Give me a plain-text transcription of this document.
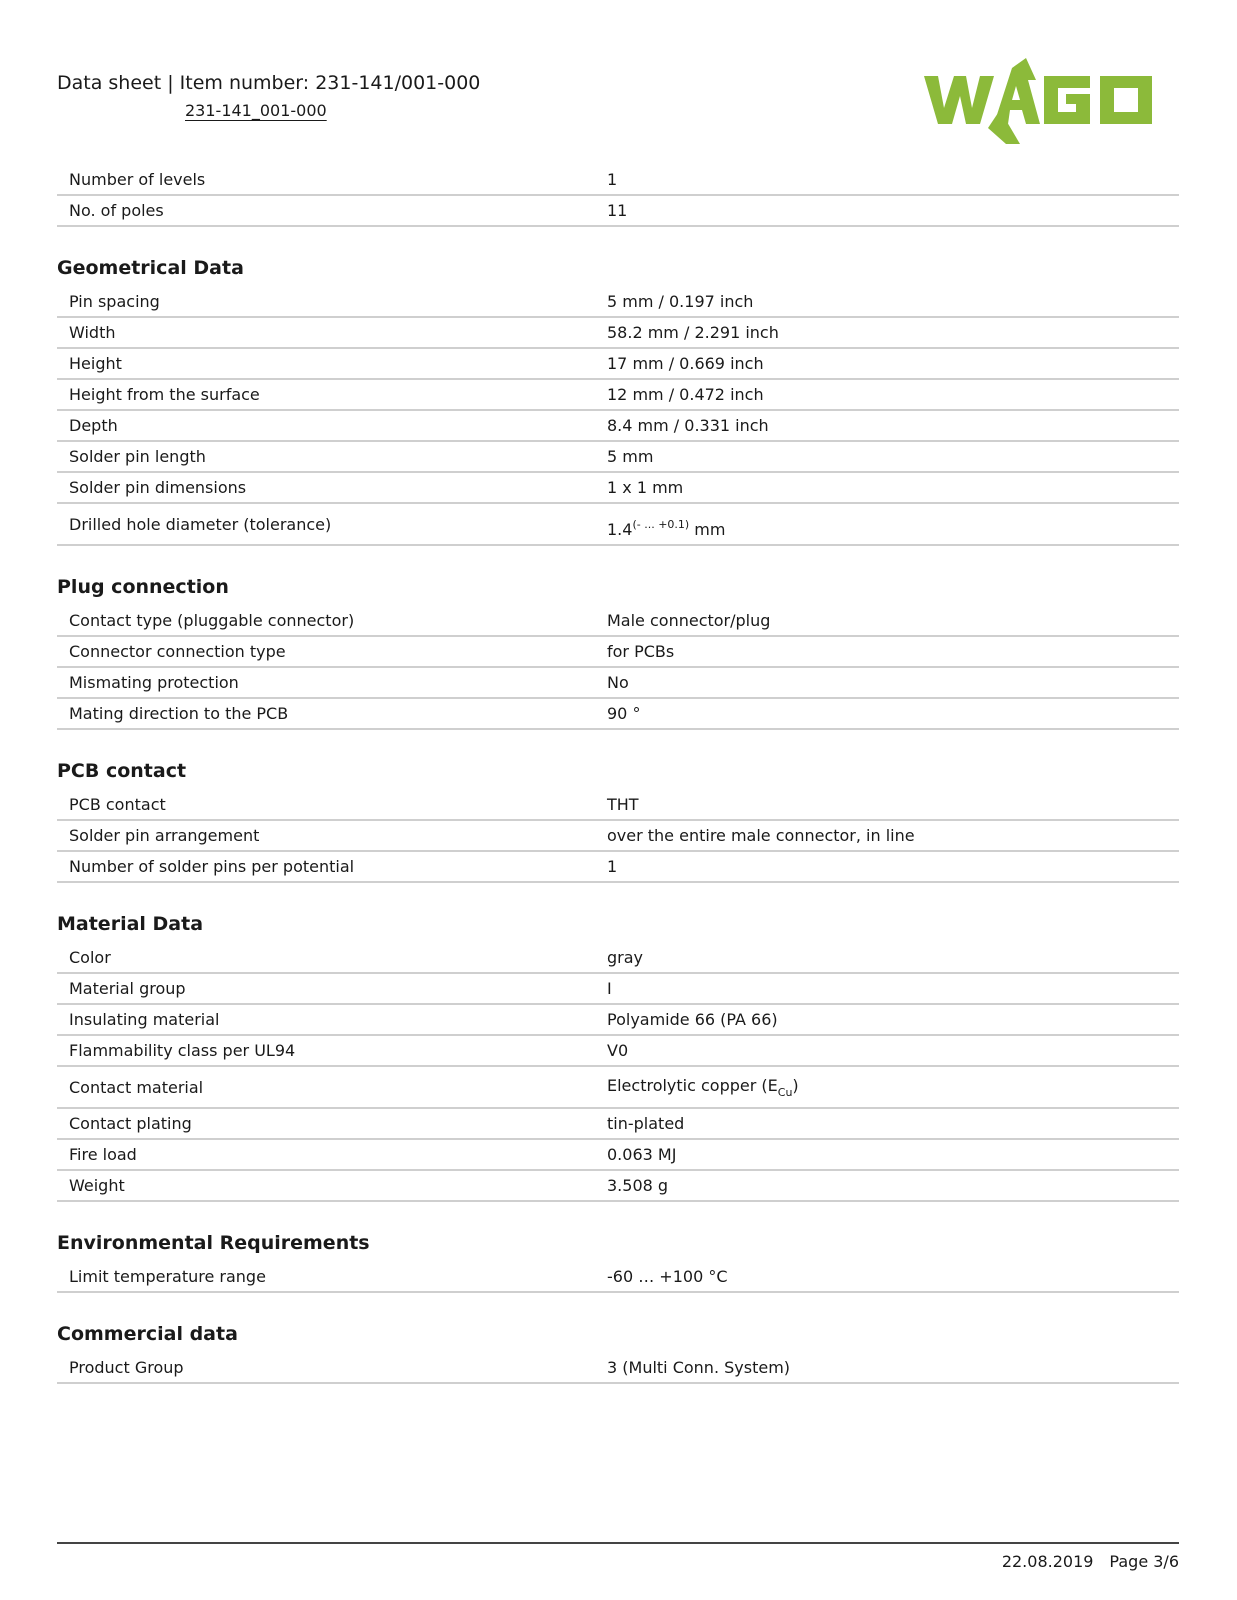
Data sheet | Item number: 231-141/001-000
231-141_001-000
Number of levels	1
No. of poles	11
Geometrical Data
Pin spacing	5 mm / 0.197 inch
Width	58.2 mm / 2.291 inch
Height	17 mm / 0.669 inch
Height from the surface	12 mm / 0.472 inch
Depth	8.4 mm / 0.331 inch
Solder pin length	5 mm
Solder pin dimensions	1 x 1 mm
Drilled hole diameter (tolerance)	$1.4^{(- ... +0.1)}$ mm
Plug connection
Contact type (pluggable connector)	Male connector/plug
Connector connection type	for PCBs
Mismating protection	No
Mating direction to the PCB	90 °
PCB contact
PCB contact	THT
Solder pin arrangement	over the entire male connector, in line
Number of solder pins per potential	1
Material Data
Color	gray
Material group	I
Insulating material	Polyamide 66 (PA 66)
Flammability class per UL94	V0
Contact material	Electrolytic copper $(E_{Cu})$
Contact plating	tin-plated
Fire load	0.063 MJ
Weight	3.508 g
Environmental Requirements
Limit temperature range	-60 … +100 °C
Commercial data
Product Group	3 (Multi Conn. System)
22.08.2019 Page 3/6
